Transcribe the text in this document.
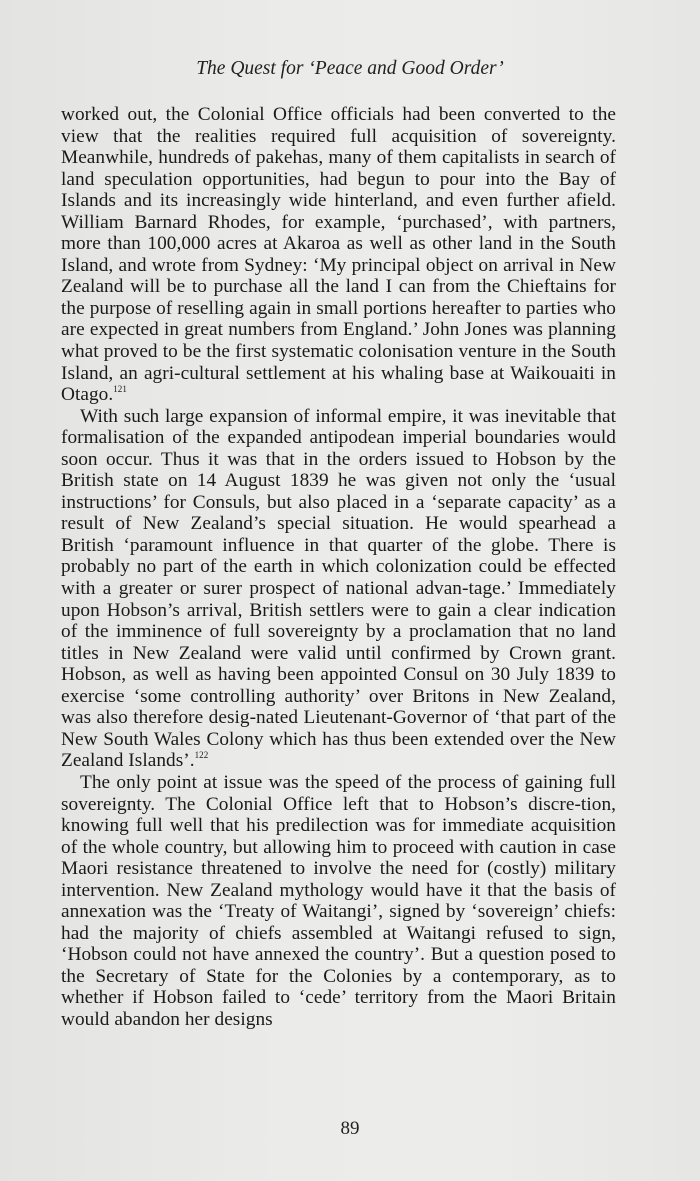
The Quest for ‘Peace and Good Order’

worked out, the Colonial Office officials had been converted to the view that the realities required full acquisition of sovereignty. Meanwhile, hundreds of pakehas, many of them capitalists in search of land speculation opportunities, had begun to pour into the Bay of Islands and its increasingly wide hinterland, and even further afield. William Barnard Rhodes, for example, ‘purchased’, with partners, more than 100,000 acres at Akaroa as well as other land in the South Island, and wrote from Sydney: ‘My principal object on arrival in New Zealand will be to purchase all the land I can from the Chieftains for the purpose of reselling again in small portions hereafter to parties who are expected in great numbers from England.’ John Jones was planning what proved to be the first systematic colonisation venture in the South Island, an agri-cultural settlement at his whaling base at Waikouaiti in Otago.$^{121}$

With such large expansion of informal empire, it was inevitable that formalisation of the expanded antipodean imperial boundaries would soon occur. Thus it was that in the orders issued to Hobson by the British state on 14 August 1839 he was given not only the ‘usual instructions’ for Consuls, but also placed in a ‘separate capacity’ as a result of New Zealand’s special situation. He would spearhead a British ‘paramount influence in that quarter of the globe. There is probably no part of the earth in which colonization could be effected with a greater or surer prospect of national advan-tage.’ Immediately upon Hobson’s arrival, British settlers were to gain a clear indication of the imminence of full sovereignty by a proclamation that no land titles in New Zealand were valid until confirmed by Crown grant. Hobson, as well as having been appointed Consul on 30 July 1839 to exercise ‘some controlling authority’ over Britons in New Zealand, was also therefore desig-nated Lieutenant-Governor of ‘that part of the New South Wales Colony which has thus been extended over the New Zealand Islands’.$^{122}$

The only point at issue was the speed of the process of gaining full sovereignty. The Colonial Office left that to Hobson’s discre-tion, knowing full well that his predilection was for immediate acquisition of the whole country, but allowing him to proceed with caution in case Maori resistance threatened to involve the need for (costly) military intervention. New Zealand mythology would have it that the basis of annexation was the ‘Treaty of Waitangi’, signed by ‘sovereign’ chiefs: had the majority of chiefs assembled at Waitangi refused to sign, ‘Hobson could not have annexed the country’. But a question posed to the Secretary of State for the Colonies by a contemporary, as to whether if Hobson failed to ‘cede’ territory from the Maori Britain would abandon her designs

89
